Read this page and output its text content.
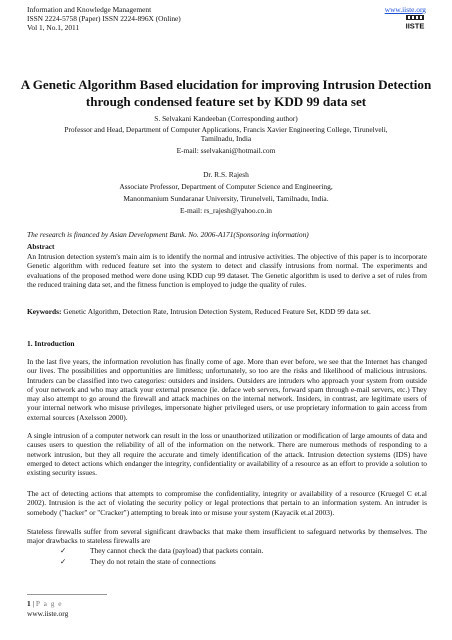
Information and Knowledge Management
ISSN 2224-5758 (Paper) ISSN 2224-896X (Online)
Vol 1, No.1, 2011
www.iiste.org
IISTE
A Genetic Algorithm Based elucidation for improving Intrusion Detection through condensed feature set by KDD 99 data set
S. Selvakani Kandeeban (Corresponding author)
Professor and Head, Department of Computer Applications, Francis Xavier Engineering College, Tirunelveli, Tamilnadu, India
E-mail: sselvakani@hotmail.com
Dr. R.S. Rajesh
Associate Professor, Department of Computer Science and Engineering,
Manonmanium Sundaranar University, Tirunelveli, Tamilnadu, India.
E-mail: rs_rajesh@yahoo.co.in
The research is financed by Asian Development Bank. No. 2006-A171(Sponsoring information)
Abstract
An Intrusion detection system's main aim is to identify the normal and intrusive activities. The objective of this paper is to incorporate Genetic algorithm with reduced feature set into the system to detect and classify intrusions from normal. The experiments and evaluations of the proposed method were done using KDD cup 99 dataset. The Genetic algorithm is used to derive a set of rules from the reduced training data set, and the fitness function is employed to judge the quality of rules.
Keywords: Genetic Algorithm, Detection Rate, Intrusion Detection System, Reduced Feature Set, KDD 99 data set.
1. Introduction
In the last five years, the information revolution has finally come of age. More than ever before, we see that the Internet has changed our lives. The possibilities and opportunities are limitless; unfortunately, so too are the risks and likelihood of malicious intrusions. Intruders can be classified into two categories: outsiders and insiders. Outsiders are intruders who approach your system from outside of your network and who may attack your external presence (ie. deface web servers, forward spam through e-mail servers, etc.) They may also attempt to go around the firewall and attack machines on the internal network. Insiders, in contrast, are legitimate users of your internal network who misuse privileges, impersonate higher privileged users, or use proprietary information to gain access from external sources (Axelsson 2000).
A single intrusion of a computer network can result in the loss or unauthorized utilization or modification of large amounts of data and causes users to question the reliability of all of the information on the network. There are numerous methods of responding to a network intrusion, but they all require the accurate and timely identification of the attack. Intrusion detection systems (IDS) have emerged to detect actions which endanger the integrity, confidentiality or availability of a resource as an effort to provide a solution to existing security issues.
The act of detecting actions that attempts to compromise the confidentiality, integrity or availability of a resource (Kruegel C et.al 2002). Intrusion is the act of violating the security policy or legal protections that pertain to an information system. An intruder is somebody ("hacker" or "Cracker") attempting to break into or misuse your system (Kayacik et.al 2003).
Stateless firewalls suffer from several significant drawbacks that make them insufficient to safeguard networks by themselves. The major drawbacks to stateless firewalls are
✓	They cannot check the data (payload) that packets contain.
✓	They do not retain the state of connections
1 | P a g e
www.iiste.org
